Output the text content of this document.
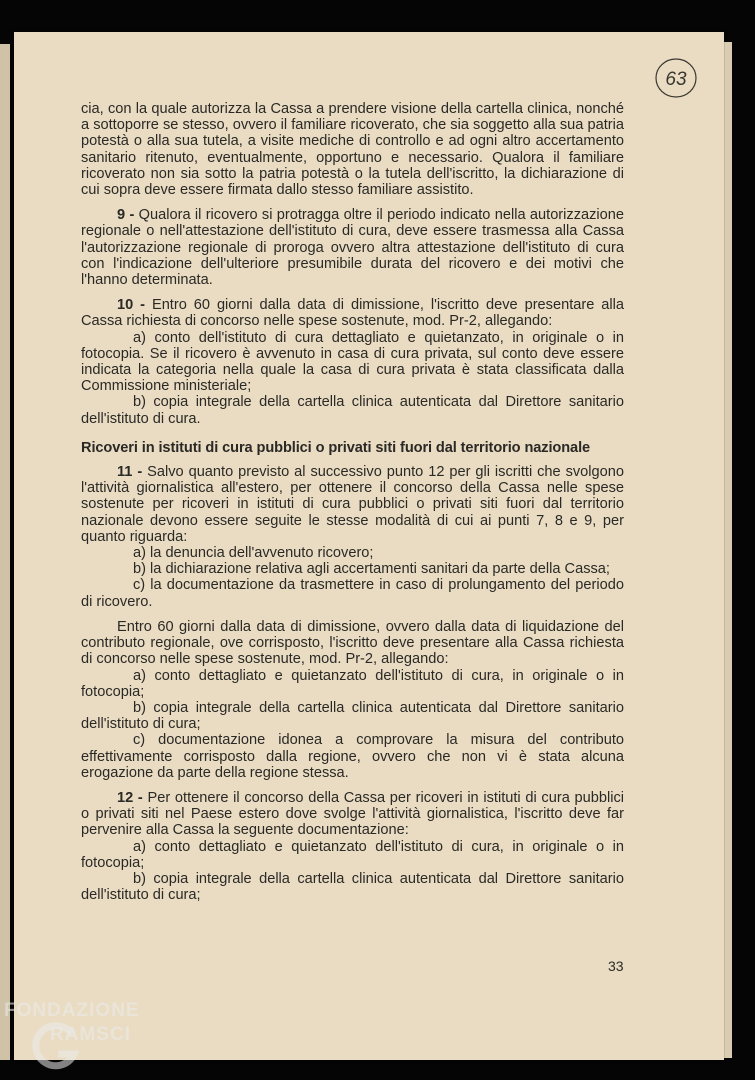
63

cia, con la quale autorizza la Cassa a prendere visione della cartella clinica, nonché a sottoporre se stesso, ovvero il familiare ricoverato, che sia soggetto alla sua patria potestà o alla sua tutela, a visite mediche di controllo e ad ogni altro accertamento sanitario ritenuto, eventualmente, opportuno e necessario. Qualora il familiare ricoverato non sia sotto la patria potestà o la tutela dell'iscritto, la dichiarazione di cui sopra deve essere firmata dallo stesso familiare assistito.

9 - Qualora il ricovero si protragga oltre il periodo indicato nella autorizzazione regionale o nell'attestazione dell'istituto di cura, deve essere trasmessa alla Cassa l'autorizzazione regionale di proroga ovvero altra attestazione dell'istituto di cura con l'indicazione dell'ulteriore presumibile durata del ricovero e dei motivi che l'hanno determinata.

10 - Entro 60 giorni dalla data di dimissione, l'iscritto deve presentare alla Cassa richiesta di concorso nelle spese sostenute, mod. Pr-2, allegando:

a) conto dell'istituto di cura dettagliato e quietanzato, in originale o in fotocopia. Se il ricovero è avvenuto in casa di cura privata, sul conto deve essere indicata la categoria nella quale la casa di cura privata è stata classificata dalla Commissione ministeriale;

b) copia integrale della cartella clinica autenticata dal Direttore sanitario dell'istituto di cura.

Ricoveri in istituti di cura pubblici o privati siti fuori dal territorio nazionale

11 - Salvo quanto previsto al successivo punto 12 per gli iscritti che svolgono l'attività giornalistica all'estero, per ottenere il concorso della Cassa nelle spese sostenute per ricoveri in istituti di cura pubblici o privati siti fuori dal territorio nazionale devono essere seguite le stesse modalità di cui ai punti 7, 8 e 9, per quanto riguarda:

a) la denuncia dell'avvenuto ricovero;

b) la dichiarazione relativa agli accertamenti sanitari da parte della Cassa;

c) la documentazione da trasmettere in caso di prolungamento del periodo di ricovero.

Entro 60 giorni dalla data di dimissione, ovvero dalla data di liquidazione del contributo regionale, ove corrisposto, l'iscritto deve presentare alla Cassa richiesta di concorso nelle spese sostenute, mod. Pr-2, allegando:

a) conto dettagliato e quietanzato dell'istituto di cura, in originale o in fotocopia;

b) copia integrale della cartella clinica autenticata dal Direttore sanitario dell'istituto di cura;

c) documentazione idonea a comprovare la misura del contributo effettivamente corrisposto dalla regione, ovvero che non vi è stata alcuna erogazione da parte della regione stessa.

12 - Per ottenere il concorso della Cassa per ricoveri in istituti di cura pubblici o privati siti nel Paese estero dove svolge l'attività giornalistica, l'iscritto deve far pervenire alla Cassa la seguente documentazione:

a) conto dettagliato e quietanzato dell'istituto di cura, in originale o in fotocopia;

b) copia integrale della cartella clinica autenticata dal Direttore sanitario dell'istituto di cura;

33
FONDAZIONE
RAMSCI
